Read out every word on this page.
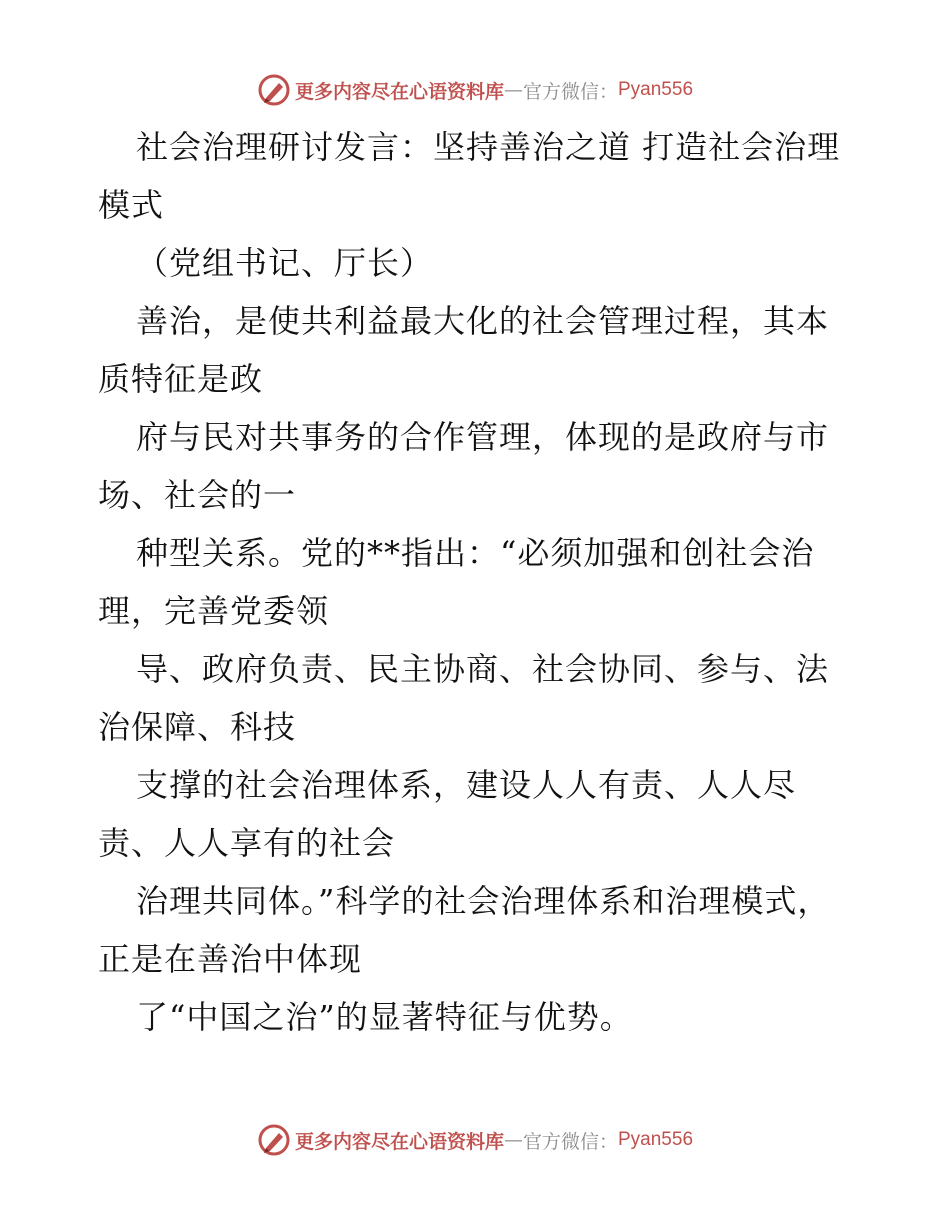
更多内容尽在心语资料库 — 官方微信： Pyan556

社会治理研讨发言：坚持善治之道 打造社会治理模式

（党组书记、厅长）

善治，是使共利益最大化的社会管理过程，其本质特征是政

府与民对共事务的合作管理，体现的是政府与市场、社会的一

种型关系。党的**指出：“必须加强和创社会治理，完善党委领

导、政府负责、民主协商、社会协同、参与、法治保障、科技

支撑的社会治理体系，建设人人有责、人人尽责、人人享有的社会

治理共同体。”科学的社会治理体系和治理模式，正是在善治中体现

了“中国之治”的显著特征与优势。

更多内容尽在心语资料库 — 官方微信： Pyan556
